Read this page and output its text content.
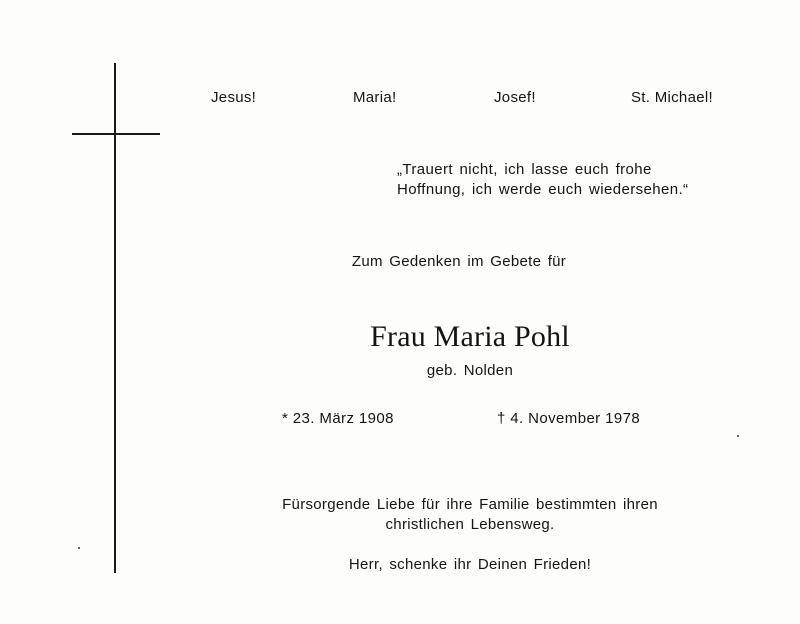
Jesus!	Maria!	Josef!	St. Michael!
„Trauert nicht, ich lasse euch frohe
Hoffnung, ich werde euch wiedersehen.“
Zum Gedenken im Gebete für
Frau Maria Pohl
geb. Nolden
* 23. März 1908	† 4. November 1978
Fürsorgende Liebe für ihre Familie bestimmten ihren
christlichen Lebensweg.
Herr, schenke ihr Deinen Frieden!
